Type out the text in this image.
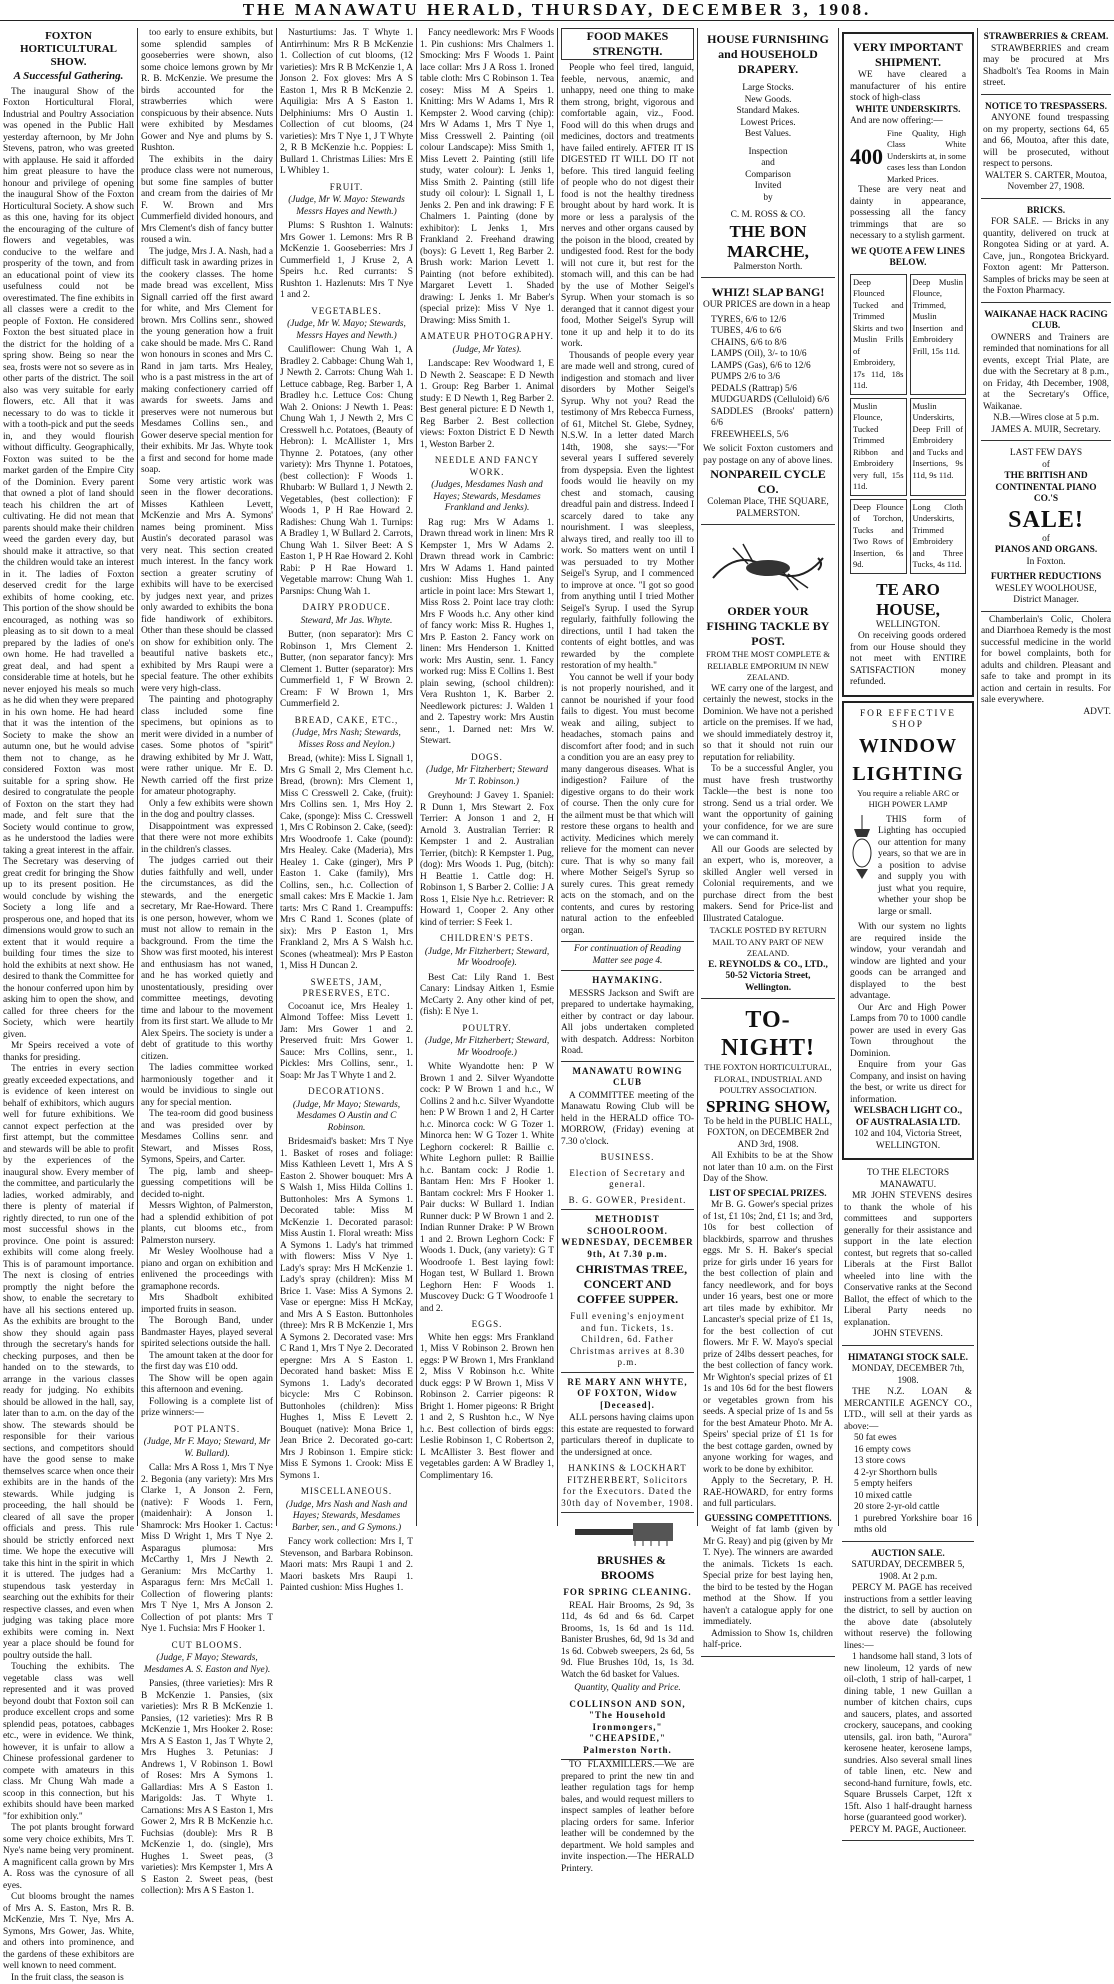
THE MANAWATU HERALD, THURSDAY, DECEMBER 3, 1908.

FOXTON HORTICULTURAL SHOW.

A Successful Gathering.

The inaugural Show of the Foxton Horticultural Floral, Industrial and Poultry Association was opened in the Public Hall yesterday afternoon, by Mr John Stevens, patron, who was greeted with applause. He said it afforded him great pleasure to have the honour and privilege of opening the inaugural Show of the Foxton Horticultural Society. A show such as this one, having for its object the encouraging of the culture of flowers and vegetables, was conducive to the welfare and prosperity of the town, and from an educational point of view its usefulness could not be overestimated. The fine exhibits in all classes were a credit to the people of Foxton. He considered Foxton the best situated place in the district for the holding of a spring show. Being so near the sea, frosts were not so severe as in other parts of the district. The soil also was very suitable for early flowers, etc. All that it was necessary to do was to tickle it with a tooth-pick and put the seeds in, and they would flourish without difficulty. Geographically, Foxton was suited to be the market garden of the Empire City of the Dominion. Every parent that owned a plot of land should teach his children the art of cultivating. He did not mean that parents should make their children weed the garden every day, but should make it attractive, so that the children would take an interest in it. The ladies of Foxton deserved credit for the large exhibits of home cooking, etc. This portion of the show should be encouraged, as nothing was so pleasing as to sit down to a meal prepared by the ladies of one's own home. He had travelled a great deal, and had spent a considerable time at hotels, but he never enjoyed his meals so much as he did when they were prepared in his own home. He had heard that it was the intention of the Society to make the show an autumn one, but he would advise them not to change, as he considered Foxton was most suitable for a spring show. He desired to congratulate the people of Foxton on the start they had made, and felt sure that the Society would continue to grow, as he understood the ladies were taking a great interest in the affair. The Secretary was deserving of great credit for bringing the Show up to its present position. He would conclude by wishing the Society a long life and a prosperous one, and hoped that its dimensions would grow to such an extent that it would require a building four times the size to hold the exhibits at next show. He desired to thank the Committee for the honour conferred upon him by asking him to open the show, and called for three cheers for the Society, which were heartily given.

Mr Speirs received a vote of thanks for presiding.

The entries in every section greatly exceeded expectations, and is evidence of keen interest on behalf of exhibitors, which augurs well for future exhibitions. We cannot expect perfection at the first attempt, but the committee and stewards will be able to profit by the experiences of the inaugural show. Every member of the committee, and particularly the ladies, worked admirably, and there is plenty of material if rightly directed, to run one of the most successful shows in the province. One point is assured: exhibits will come along freely. This is of paramount importance. The next is closing of entries promptly the night before the show, to enable the secretary to have all his sections entered up. As the exhibits are brought to the show they should again pass through the secretary's hands for checking purposes, and then be handed on to the stewards, to arrange in the various classes ready for judging. No exhibits should be allowed in the hall, say, later than to a.m. on the day of the show. The stewards should be responsible for their various sections, and competitors should have the good sense to make themselves scarce when once their exhibits are in the hands of the stewards. While judging is proceeding, the hall should be cleared of all save the proper officials and press. This rule should be strictly enforced next time. We hope the executive will take this hint in the spirit in which it is uttered. The judges had a stupendous task yesterday in searching out the exhibits for their respective classes, and even when judging was taking place more exhibits were coming in. Next year a place should be found for poultry outside the hall.

Touching the exhibits. The vegetable class was well represented and it was proved beyond doubt that Foxton soil can produce excellent crops and some splendid peas, potatoes, cabbages etc., were in evidence. We think, however, it is unfair to allow a Chinese professional gardener to compete with amateurs in this class. Mr Chung Wah made a scoop in this connection, but his exhibits should have been marked "for exhibition only."

The pot plants brought forward some very choice exhibits, Mrs T. Nye's name being very prominent. A magnificent calla grown by Mrs A. Ross was the cynosure of all eyes.

Cut blooms brought the names of Mrs A. S. Easton, Mrs R. B. McKenzie, Mrs T. Nye, Mrs A. Symons, Mrs Gower, Jas. White, and others into prominence, and the gardens of these exhibitors are well known to need comment.

In the fruit class, the season is

too early to ensure exhibits, but some splendid samples of gooseberries were shown, also some choice lemons grown by Mr R. B. McKenzie. We presume the birds accounted for the strawberries which were conspicuous by their absence. Nuts were exhibited by Mesdames Gower and Nye and plums by S. Rushton.

The exhibits in the dairy produce class were not numerous, but some fine samples of butter and cream from the dairies of Mr F. W. Brown and Mrs Cummerfield divided honours, and Mrs Clement's dish of fancy butter roused a win.

The judge, Mrs J. A. Nash, had a difficult task in awarding prizes in the cookery classes. The home made bread was excellent, Miss Signall carried off the first award for white, and Mrs Clement for brown. Mrs Collins senr., showed the young generation how a fruit cake should be made. Mrs C. Rand won honours in scones and Mrs C. Rand in jam tarts. Mrs Healey, who is a past mistress in the art of making confectionery carried off awards for sweets. Jams and preserves were not numerous but Mesdames Collins sen., and Gower deserve special mention for their exhibits. Mr Jas. Whyte took a first and second for home made soap.

Some very artistic work was seen in the flower decorations. Misses Kathleen Levett, McKenzie and Mrs A. Symons' names being prominent. Miss Austin's decorated parasol was very neat. This section created much interest. In the fancy work section a greater scrutiny of exhibits will have to be exercised by judges next year, and prizes only awarded to exhibits the bona fide handiwork of exhibitors. Other than these should be classed on show for exhibition only. The beautiful native baskets etc., exhibited by Mrs Raupi were a special feature. The other exhibits were very high-class.

The painting and photography class included some fine specimens, but opinions as to merit were divided in a number of cases. Some photos of "spirit" drawing exhibited by Mr J. Watt, were rather unique. Mr E. D. Newth carried off the first prize for amateur photography.

Only a few exhibits were shown in the dog and poultry classes.

Disappointment was expressed that there were not more exhibits in the children's classes.

The judges carried out their duties faithfully and well, under the circumstances, as did the stewards, and the energetic secretary, Mr Rae-Howard. There is one person, however, whom we must not allow to remain in the background. From the time the Show was first mooted, his interest and enthusiasm has not waned, and he has worked quietly and unostentatiously, presiding over committee meetings, devoting time and labour to the movement from its first start. We allude to Mr Alex Speirs. The society is under a debt of gratitude to this worthy citizen.

The ladies committee worked harmoniously together and it would be invidious to single out any for special mention.

The tea-room did good business and was presided over by Mesdames Collins senr. and Stewart, and Misses Ross, Symons, Speirs, and Carter.

The pig, lamb and sheep-guessing competitions will be decided to-night.

Messrs Wighton, of Palmerston, had a splendid exhibition of pot plants, cut blooms etc., from Palmerston nursery.

Mr Wesley Woolhouse had a piano and organ on exhibition and enlivened the proceedings with gramaphone records.

Mrs Shadbolt exhibited imported fruits in season.

The Borough Band, under Bandmaster Hayes, played several spirited selections outside the hall.

The amount taken at the door for the first day was £10 odd.

The Show will be open again this afternoon and evening.

Following is a complete list of prize winners:—

POT PLANTS.

(Judge, Mr F. Mayo; Steward, Mr W. Bullard).

Calla: Mrs A Ross 1, Mrs T Nye 2. Begonia (any variety): Mrs Mrs Clarke 1, A Jonson 2. Fern, (native): F Woods 1. Fern, (maidenhair): A Jonson 1. Shamrock: Mrs Hooker 1. Cactus: Miss D Wright 1, Mrs T Nye 2. Asparagus plumosa: Mrs McCarthy 1, Mrs J Newth 2. Geranium: Mrs McCarthy 1. Asparagus fern: Mrs McCall 1. Collection of flowering plants: Mrs T Nye 1, Mrs A Jonson 2. Collection of pot plants: Mrs T Nye 1. Fuchsia: Mrs F Hooker 1.

CUT BLOOMS.

(Judge, F Mayo; Stewards, Mesdames A. S. Easton and Nye).

Pansies, (three varieties): Mrs R B McKenzie 1. Pansies, (six varieties): Mrs R B McKenzie 1. Pansies, (12 varieties): Mrs R B McKenzie 1, Mrs Hooker 2. Rose: Mrs A S Easton 1, Jas T Whyte 2, Mrs Hughes 3. Petunias: J Andrews 1, V Robinson 1. Bowl of Roses: Mrs A Symons 1. Gallardias: Mrs A S Easton 1. Marigolds: Jas. T Whyte 1. Carnations: Mrs A S Easton 1, Mrs Gower 2, Mrs R B McKenzie h.c. Fuchsias (double): Mrs R B McKenzie 1, do. (single), Mrs Hughes 1. Sweet peas, (3 varieties): Mrs Kempster 1, Mrs A S Easton 2. Sweet peas, (best collection): Mrs A S Easton 1.

Nasturtiums: Jas. T Whyte 1. Antirrhinum: Mrs R B McKenzie 1. Collection of cut blooms, (12 varieties): Mrs R B McKenzie 1, A Jonson 2. Fox gloves: Mrs A S Easton 1, Mrs R B McKenzie 2. Aquiligia: Mrs A S Easton 1. Delphiniums: Mrs O Austin 1. Collection of cut blooms, (24 varieties): Mrs T Nye 1, J T Whyte 2, R B McKenzie h.c. Poppies: L Bullard 1. Christmas Lilies: Mrs E L Whibley 1.

FRUIT.

(Judge, Mr W. Mayo: Stewards Messrs Hayes and Newth.)

Plums: S Rushton 1. Walnuts: Mrs Gower 1. Lemons: Mrs R B McKenzie 1. Gooseberries: Mrs J Cummerfield 1, J Kruse 2, A Speirs h.c. Red currants: S Rushton 1. Hazlenuts: Mrs T Nye 1 and 2.

VEGETABLES.

(Judge, Mr W. Mayo; Stewards, Messrs Hayes and Newth.)

Cauliflower: Chung Wah 1, A Bradley 2. Cabbage: Chung Wah 1, J Newth 2. Carrots: Chung Wah 1. Lettuce cabbage, Reg. Barber 1, A Bradley h.c. Lettuce Cos: Chung Wah 2. Onions: J Newth 1. Peas: Chung Wah 1, J Newth 2, Mrs C Cresswell h.c. Potatoes, (Beauty of Hebron): I. McAllister 1, Mrs Thynne 2. Potatoes, (any other variety): Mrs Thynne 1. Potatoes, (best collection): F Woods 1. Rhubarb: W Bullard 1, J Newth 2. Vegetables, (best collection): F Woods 1, P H Rae Howard 2. Radishes: Chung Wah 1. Turnips: A Bradley 1, W Bullard 2. Carrots, Chung Wah 1. Silver Beet: A S Easton 1, P H Rae Howard 2. Kohl Rabi: P H Rae Howard 1. Vegetable marrow: Chung Wah 1. Parsnips: Chung Wah 1.

DAIRY PRODUCE.

Steward, Mr Jas. Whyte.

Butter, (non separator): Mrs C Robinson 1, Mrs Clement 2. Butter, (non separator fancy): Mrs Clement 1. Butter (separator): Mrs Cummerfield 1, F W Brown 2. Cream: F W Brown 1, Mrs Cummerfield 2.

BREAD, CAKE, ETC.,

(Judge, Mrs Nash; Stewards, Misses Ross and Neylon.)

Bread, (white): Miss L Signall 1, Mrs G Small 2, Mrs Clement h.c. Bread, (brown): Mrs Clement 1, Miss C Cresswell 2. Cake, (fruit): Mrs Collins sen. 1, Mrs Hoy 2. Cake, (sponge): Miss C. Cresswell 1, Mrs C Robinson 2. Cake, (seed): Mrs Woodroofe 1. Cake (pound): Mrs Healey. Cake (Maderia), Mrs Healey 1. Cake (ginger), Mrs P Easton 1. Cake (family), Mrs Collins, sen., h.c. Collection of small cakes: Mrs E Mackie 1. Jam tarts: Mrs C Rand 1. Creampuffs: Mrs C Rand 1. Scones (plate of six): Mrs P Easton 1, Mrs Frankland 2, Mrs A S Walsh h.c. Scones (wheatmeal): Mrs P Easton 1, Miss H Duncan 2.

SWEETS, JAM, PRESERVES, ETC.

Cocoanut ice, Mrs Healey 1. Almond Toffee: Miss Levett 1. Jam: Mrs Gower 1 and 2. Preserved fruit: Mrs Gower 1. Sauce: Mrs Collins, senr., 1. Pickles: Mrs Collins, senr., 1. Soap: Mr Jas T Whyte 1 and 2.

DECORATIONS.

(Judge, Mr Mayo; Stewards, Mesdames O Austin and C Robinson.

Bridesmaid's basket: Mrs T Nye 1. Basket of roses and foliage: Miss Kathleen Levett 1, Mrs A S Easton 2. Shower bouquet: Mrs A S Walsh 1, Miss Hilda Collins 1. Buttonholes: Mrs A Symons 1. Decorated table: Miss M McKenzie 1. Decorated parasol: Miss Austin 1. Floral wreath: Miss A Symons 1. Lady's hat trimmed with flowers: Miss V Nye 1. Lady's spray: Mrs H McKenzie 1. Lady's spray (children): Miss M Brice 1. Vase: Miss A Symons 2. Vase or epergne: Miss H McKay, and Mrs A S Easton. Buttonholes (three): Mrs R B McKenzie 1, Mrs A Symons 2. Decorated vase: Mrs C Rand 1, Mrs T Nye 2. Decorated epergne: Mrs A S Easton 1. Decorated hand basket: Miss E Symons 1. Lady's decorated bicycle: Mrs C Robinson. Buttonholes (children): Miss Hughes 1, Miss E Levett 2. Bouquet (native): Mona Brice 1, Jean Brice 2. Decorated go-cart: Mrs J Robinson 1. Empire stick: Miss E Symons 1. Crook: Miss E Symons 1.

MISCELLANEOUS.

(Judge, Mrs Nash and Nash and Hayes; Stewards, Mesdames Barber, sen., and G Symons.)

Fancy work collection: Mrs I, T Stevenson, and Barbara Robinson. Maori mats: Mrs Raupi 1 and 2. Maori baskets Mrs Raupi 1. Painted cushion: Miss Hughes 1.

Fancy needlework: Mrs F Woods 1. Pin cushions: Mrs Chalmers 1. Smocking: Mrs F Woods 1. Paint lace collar: Mrs J A Ross 1. Ironed table cloth: Mrs C Robinson 1. Tea cosey: Miss M A Speirs 1. Knitting: Mrs W Adams 1, Mrs R Kempster 2. Wood carving (chip): Mrs W Adams 1, Mrs T Nye 1, Miss Cresswell 2. Painting (oil colour Landscape): Miss Smith 1, Miss Levett 2. Painting (still life study, water colour): L Jenks 1, Miss Smith 2. Painting (still life study oil colour): L Signall 1, L Jenks 2. Pen and ink drawing: F E Chalmers 1. Painting (done by exhibitor): L Jenks 1, Mrs Frankland 2. Freehand drawing (boys): G Levett 1, Reg Barber 2. Brush work: Marion Levett 1. Painting (not before exhibited). Margaret Levett 1. Shaded drawing: L Jenks 1. Mr Baber's (special prize): Miss V Nye 1. Drawing: Miss Smith 1.

AMATEUR PHOTOGRAPHY.

(Judge, Mr Yates).

Landscape: Rev Woodward 1, E D Newth 2. Seascape: E D Newth 1. Group: Reg Barber 1. Animal study: E D Newth 1, Reg Barber 2. Best general picture: E D Newth 1, Reg Barber 2. Best collection views: Foxton District E D Newth 1, Weston Barber 2.

NEEDLE AND FANCY WORK.

(Judges, Mesdames Nash and Hayes; Stewards, Mesdames Frankland and Jenks).

Rag rug: Mrs W Adams 1. Drawn thread work in linen: Mrs R Kempster 1, Mrs W Adams 2. Drawn thread work in Cambric: Mrs W Adams 1. Hand painted cushion: Miss Hughes 1. Any article in point lace: Mrs Stewart 1, Miss Ross 2. Point lace tray cloth: Mrs F Woods h.c. Any other kind of fancy work: Miss R. Hughes 1, Mrs P. Easton 2. Fancy work on linen: Mrs Henderson 1. Knitted work: Mrs Austin, senr. 1. Fancy worked rug: Miss E Collins 1. Best plain sewing, (school children): Vera Rushton 1, K. Barber 2. Needlework pictures: J. Walden 1 and 2. Tapestry work: Mrs Austin senr., 1. Darned net: Mrs W. Stewart.

DOGS.

(Judge, Mr Fitzherbert; Steward Mr T. Robinson.)

Greyhound: J Gavey 1. Spaniel: R Dunn 1, Mrs Stewart 2. Fox Terrier: A Jonson 1 and 2, H Arnold 3. Australian Terrier: R Kempster 1 and 2. Australian Terrier, (bitch): R Kempster 1. Pug, (dog): Mrs Woods 1. Pug, (bitch): H Beattie 1. Cattle dog: H. Robinson 1, S Barber 2. Collie: J A Ross 1, Elsie Nye h.c. Retriever: R Howard 1, Cooper 2. Any other kind of terrier: S Feek 1.

CHILDREN'S PETS.

(Judge, Mr Fitzherbert; Steward, Mr Woodroofe).

Best Cat: Lily Rand 1. Best Canary: Lindsay Aitken 1, Esmie McCarty 2. Any other kind of pet, (fish): E Nye 1.

POULTRY.

(Judge, Mr Fitzherbert; Steward, Mr Woodroofe.)

White Wyandotte hen: P W Brown 1 and 2. Silver Wyandotte cock: P W Brown 1 and h.c., W Collins 2 and h.c. Silver Wyandotte hen: P W Brown 1 and 2, H Carter h.c. Minorca cock: W G Tozer 1. Minorca hen: W G Tozer 1. White Leghorn cockerel: R Baillie c. White Leghorn pullet: R Baillie h.c. Bantam cock: J Rodie 1. Bantam Hen: Mrs F Hooker 1. Bantam cockrel: Mrs F Hooker 1. Pair ducks: W Bullard 1. Indian Runner duck: P W Brown 1 and 2. Indian Runner Drake: P W Brown 1 and 2. Brown Leghorn Cock: F Woods 1. Duck, (any variety): G T Woodroofe 1. Best laying fowl: Hogan test, W Bullard 1. Brown Leghorn Hen: F Woods 1. Muscovey Duck: G T Woodroofe 1 and 2.

EGGS.

White hen eggs: Mrs Frankland 1, Miss V Robinson 2. Brown hen eggs: P W Brown 1, Mrs Frankland 2, Miss V Robinson h.c. White duck eggs: P W Brown 1, Miss V Robinson 2. Carrier pigeons: R Bright 1. Homer pigeons: R Bright 1 and 2, S Rushton h.c., W Nye h.c. Best collection of birds eggs: Leslie Robinson 1, C Robertson 2, L McAllister 3. Best flower and vegetables garden: A W Bradley 1, Complimentary 16.

FOOD MAKES STRENGTH.

People who feel tired, languid, feeble, nervous, anæmic, and unhappy, need one thing to make them strong, bright, vigorous and comfortable again, viz., Food. Food will do this when drugs and medicines, doctors and treatments have failed entirely. AFTER IT IS DIGESTED IT WILL DO IT not before. This tired languid feeling of people who do not digest their food is not the healthy tiredness brought about by hard work. It is more or less a paralysis of the nerves and other organs caused by the poison in the blood, created by undigested food. Rest for the body will not cure it, but rest for the stomach will, and this can be had by the use of Mother Seigel's Syrup. When your stomach is so deranged that it cannot digest your food, Mother Seigel's Syrup will tone it up and help it to do its work.

Thousands of people every year are made well and strong, cured of indigestion and stomach and liver disorders by Mother Seigel's Syrup. Why not you? Read the testimony of Mrs Rebecca Furness, of 61, Mitchel St. Glebe, Sydney, N.S.W. In a letter dated March 14th, 1908, she says:—"For several years I suffered severely from dyspepsia. Even the lightest foods would lie heavily on my chest and stomach, causing dreadful pain and distress. Indeed I scarcely dared to take any nourishment. I was sleepless, always tired, and really too ill to work. So matters went on until I was persuaded to try Mother Seigel's Syrup, and I commenced to improve at once. "I got so good from anything until I tried Mother Seigel's Syrup. I used the Syrup regularly, faithfully following the directions, until I had taken the contents of eight bottles, and was rewarded by the complete restoration of my health."

You cannot be well if your body is not properly nourished, and it cannot be nourished if your food fails to digest. You must become weak and ailing, subject to headaches, stomach pains and discomfort after food; and in such a condition you are an easy prey to many dangerous diseases. What is indigestion? Failure of the digestive organs to do their work of course. Then the only cure for the ailment must be that which will restore these organs to health and activity. Medicines which merely relieve for the moment can never cure. That is why so many fail where Mother Seigel's Syrup so surely cures. This great remedy acts on the stomach, and on the contents, and cures by restoring natural action to the enfeebled organ.

For continuation of Reading Matter see page 4.

HAYMAKING.

MESSRS Jackson and Swift are prepared to undertake haymaking, either by contract or day labour. All jobs undertaken completed with despatch. Address: Norbiton Road.

MANAWATU ROWING CLUB

A COMMITTEE meeting of the Manawatu Rowing Club will be held in the HERALD office TO-MORROW, (Friday) evening at 7.30 o'clock.

BUSINESS.

Election of Secretary and general.

B. G. GOWER, President.

METHODIST SCHOOLROOM. WEDNESDAY, DECEMBER 9th, At 7.30 p.m.

CHRISTMAS TREE, CONCERT AND COFFEE SUPPER.

Full evening's enjoyment and fun. Tickets, 1s. Children, 6d. Father Christmas arrives at 8.30 p.m.

RE MARY ANN WHYTE, OF FOXTON, Widow [Deceased].

ALL persons having claims upon this estate are requested to forward particulars thereof in duplicate to the undersigned at once.

HANKINS & LOCKHART FITZHERBERT, Solicitors for the Executors. Dated the 30th day of November, 1908.

BRUSHES & BROOMS

FOR SPRING CLEANING.

REAL Hair Brooms, 2s 9d, 3s 11d, 4s 6d and 6s 6d. Carpet Brooms, 1s, 1s 6d and 1s 11d. Banister Brushes, 6d, 9d 1s 3d and 1s 6d. Cobweb sweepers, 2s 6d, 5s 9d. Flue Brushes 10d, 1s, 1s 3d. Watch the 6d basket for Values.

Quantity, Quality and Price.

COLLINSON AND SON, "The Household Ironmongers," "CHEAPSIDE," Palmerston North.

TO FLAXMILLERS.—We are prepared to print the new tin and leather regulation tags for hemp bales, and would request millers to inspect samples of leather before placing orders for same. Inferior leather will be condemned by the department. We hold samples and invite inspection.—The HERALD Printery.

HOUSE FURNISHING and HOUSEHOLD DRAPERY.
Large Stocks.
New Goods.
Standard Makes.
Lowest Prices.
Best Values.
Inspection
and
Comparison
Invited
by
C. M. ROSS & CO.
THE BON MARCHE,
Palmerston North.
WHIZ! SLAP BANG!
OUR PRICES are down in a heap
TYRES, 6/6 to 12/6
TUBES, 4/6 to 6/6
CHAINS, 6/6 to 8/6
LAMPS (Oil), 3/- to 10/6
LAMPS (Gas), 6/6 to 12/6
PUMPS 2/6 to 3/6
PEDALS (Rattrap) 5/6
MUDGUARDS (Celluloid) 6/6
SADDLES (Brooks' pattern) 6/6
FREEWHEELS, 5/6
We solicit Foxton customers and pay postage on any of above lines.
NONPAREIL CYCLE CO.
Coleman Place, THE SQUARE, PALMERSTON.
ORDER YOUR FISHING TACKLE BY POST.
FROM THE MOST COMPLETE & RELIABLE EMPORIUM IN NEW ZEALAND.

WE carry one of the largest, and certainly the newest, stocks in the Dominion. We have not a perished article on the premises. If we had, we should immediately destroy it, so that it should not ruin our reputation for reliability.

To be a successful Angler, you must have fresh trustworthy Tackle—the best is none too strong. Send us a trial order. We want the opportunity of gaining your confidence, for we are sure we can command it.

All our Goods are selected by an expert, who is, moreover, a skilled Angler well versed in Colonial requirements, and we purchase direct from the best makers. Send for Price-list and Illustrated Catalogue.

TACKLE POSTED BY RETURN MAIL TO ANY PART OF NEW ZEALAND.
E. REYNOLDS & CO., LTD., 50-52 Victoria Street, Wellington.
TO-NIGHT!
THE FOXTON HORTICULTURAL, FLORAL, INDUSTRIAL AND POULTRY ASSOCIATION.
SPRING SHOW,
To be held in the PUBLIC HALL, FOXTON, on DECEMBER 2nd AND 3rd, 1908.

All Exhibits to be at the Show not later than 10 a.m. on the First Day of the Show.

LIST OF SPECIAL PRIZES.

Mr B. G. Gower's special prizes of 1st, £1 10s; 2nd, £1 1s; and 3rd, 10s for best collection of blackbirds, sparrow and thrushes eggs. Mr S. H. Baker's special prize for girls under 16 years for the best collection of plain and fancy needlework, and for boys under 16 years, best one or more art tiles made by exhibitor. Mr Lancaster's special prize of £1 1s, for the best collection of cut flowers. Mr F. W. Mayo's special prize of 24lbs dessert peaches, for the best collection of fancy work. Mr Wighton's special prizes of £1 1s and 10s 6d for the best flowers or vegetables grown from his seeds. A special prize of 1s and 5s for the best Amateur Photo. Mr A. Speirs' special prize of £1 1s for the best cottage garden, owned by anyone working for wages, and work to be done by exhibitor.

Apply to the Secretary, P. H. RAE-HOWARD, for entry forms and full particulars.

GUESSING COMPETITIONS.

Weight of fat lamb (given by Mr G. Reay) and pig (given by Mr T. Nye). The winners are awarded the animals. Tickets 1s each. Special prize for best laying hen, the bird to be tested by the Hogan method at the Show. If you haven't a catalogue apply for one immediately.

Admission to Show 1s, children half-price.

VERY IMPORTANT SHIPMENT.

WE have cleared a manufacturer of his entire stock of high-class

WHITE UNDERSKIRTS.
And are now offering:—
400
Fine Quality, High Class White Underskirts at, in some cases less than London Marked Prices.

These are very neat and dainty in appearance, possessing all the fancy trimmings that are so necessary to a stylish garment.

WE QUOTE A FEW LINES BELOW.
Deep Flounced Tucked and Trimmed Skirts and two Muslin Frills of Embroidery, 17s 11d, 18s 11d.
Deep Muslin Flounce, Trimmed, Muslin Insertion and Embroidery Frill, 15s 11d.
Muslin Flounce, Tucked Trimmed Ribbon and Embroidery very full, 15s 11d.
Muslin Underskirts, Deep Frill of Embroidery and Tucks and Insertions, 9s 11d, 9s 11d.
Deep Flounce of Torchon, Tucks and Two Rows of Insertion, 6s 9d.
Long Cloth Underskirts, Trimmed Embroidery and Three Tucks, 4s 11d.
TE ARO HOUSE,
WELLINGTON.

On receiving goods ordered from our House should they not meet with ENTIRE SATISFACTION money refunded.

FOR EFFECTIVE
SHOP
WINDOW
LIGHTING
You require a reliable ARC or HIGH POWER LAMP

THIS form of Lighting has occupied our attention for many years, so that we are in a position to advise and supply you with just what you require, whether your shop be large or small.

With our system no lights are required inside the window, your verandah and window are lighted and your goods can be arranged and displayed to the best advantage.

Our Arc and High Power Lamps from 70 to 1000 candle power are used in every Gas Town throughout the Dominion.

Enquire from your Gas Company, and insist on having the best, or write us direct for information.

WELSBACH LIGHT CO., OF AUSTRALASIA LTD.
102 and 104, Victoria Street, WELLINGTON.
TO THE ELECTORS
MANAWATU.

MR JOHN STEVENS desires to thank the whole of his committees and supporters generally for their assistance and support in the late election contest, but regrets that so-called Liberals at the First Ballot wheeled into line with the Conservative ranks at the Second Ballot, the effect of which to the Liberal Party needs no explanation.

JOHN STEVENS.
HIMATANGI STOCK SALE.
MONDAY, DECEMBER 7th, 1908.

THE N.Z. LOAN & MERCANTILE AGENCY CO., LTD., will sell at their yards as above:—

50 fat ewes
16 empty cows
13 store cows
4 2-yr Shorthorn bulls
5 empty heifers
10 mixed cattle
20 store 2-yr-old cattle
1 purebred Yorkshire boar 16 mths old
AUCTION SALE.
SATURDAY, DECEMBER 5, 1908. At 2 p.m.

PERCY M. PAGE has received instructions from a settler leaving the district, to sell by auction on the above date (absolutely without reserve) the following lines:—

1 handsome hall stand, 3 lots of new linoleum, 12 yards of new oil-cloth, 1 strip of hall-carpet, 1 dining table, 1 new Guillan a number of kitchen chairs, cups and saucers, plates, and assorted crockery, saucepans, and cooking utensils, gal. iron bath, "Aurora" kerosene heater, kerosene lamps, sundries. Also several small lines of table linen, etc. New and second-hand furniture, fowls, etc. Square Brussels Carpet, 12ft x 15ft. Also 1 half-draught harness horse (guaranteed good worker).

PERCY M. PAGE, Auctioneer.
STRAWBERRIES & CREAM.

STRAWBERRIES and cream may be procured at Mrs Shadbolt's Tea Rooms in Main street.

NOTICE TO TRESPASSERS.

ANYONE found trespassing on my property, sections 64, 65 and 66, Moutoa, after this date, will be prosecuted, without respect to persons.

WALTER S. CARTER, Moutoa, November 27, 1908.
BRICKS.

FOR SALE. — Bricks in any quantity, delivered on truck at Rongotea Siding or at yard. A. Cave, jun., Rongotea Brickyard. Foxton agent: Mr Patterson. Samples of bricks may be seen at the Foxton Pharmacy.

WAIKANAE HACK RACING CLUB.

OWNERS and Trainers are reminded that nominations for all events, except Trial Plate, are due with the Secretary at 8 p.m., on Friday, 4th December, 1908, at the Secretary's Office, Waikanae.

N.B.—Wires close at 5 p.m.
JAMES A. MUIR, Secretary.
LAST FEW DAYS
of
THE BRITISH AND CONTINENTAL PIANO CO.'S
SALE!
of
PIANOS AND ORGANS.
In Foxton.
FURTHER REDUCTIONS
WESLEY WOOLHOUSE,
District Manager.

Chamberlain's Colic, Cholera and Diarrhoea Remedy is the most successful medicine in the world for bowel complaints, both for adults and children. Pleasant and safe to take and prompt in its action and certain in results. For sale everywhere.

ADVT.
